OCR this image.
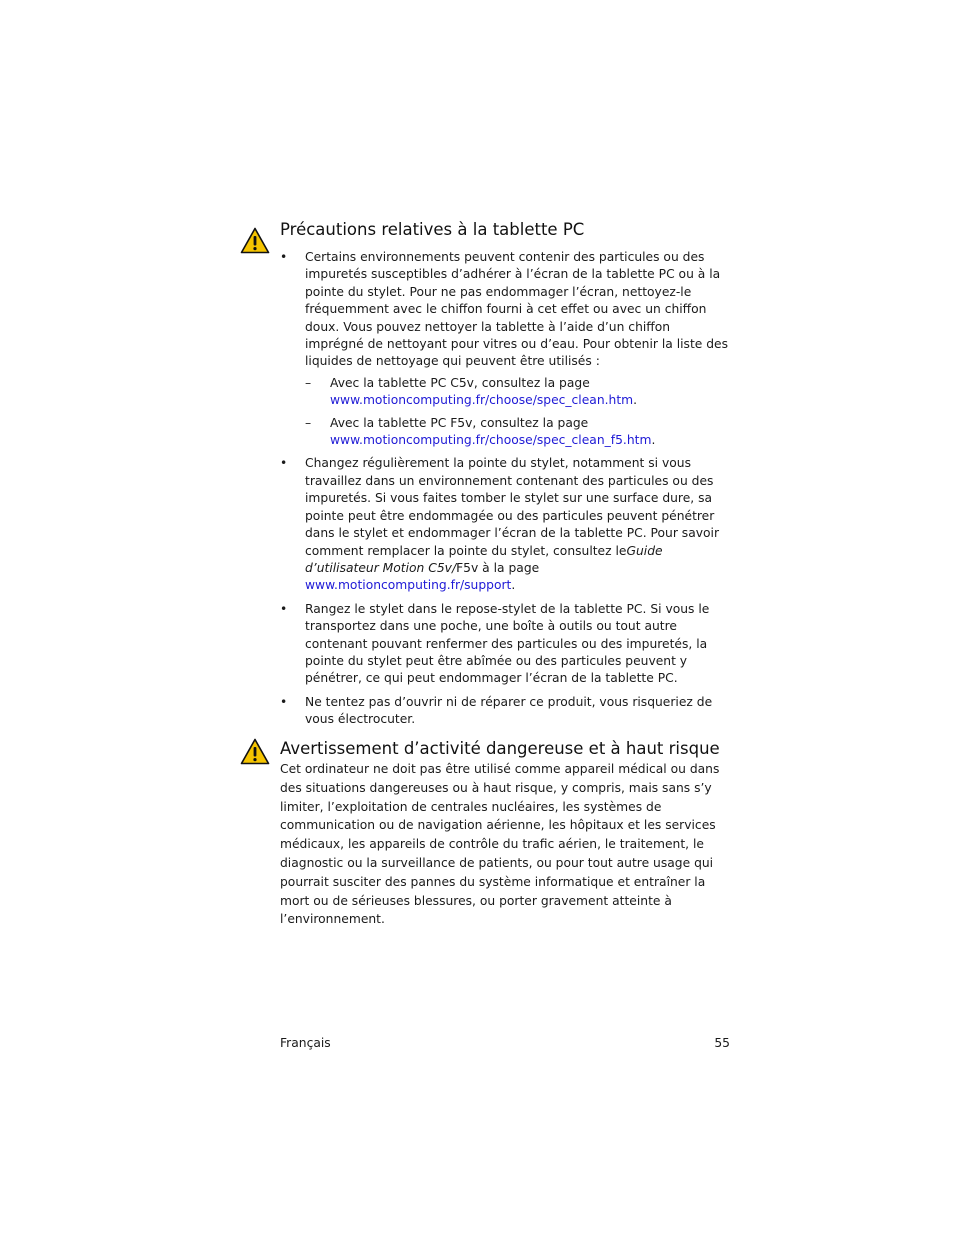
Précautions relatives à la tablette PC
• Certains environnements peuvent contenir des particules ou des impuretés susceptibles d’adhérer à l’écran de la tablette PC ou à la pointe du stylet. Pour ne pas endommager l’écran, nettoyez-le fréquemment avec le chiffon fourni à cet effet ou avec un chiffon doux. Vous pouvez nettoyer la tablette à l’aide d’un chiffon imprégné de nettoyant pour vitres ou d’eau. Pour obtenir la liste des liquides de nettoyage qui peuvent être utilisés :
– Avec la tablette PC C5v, consultez la page
www.motioncomputing.fr/choose/spec_clean.htm.
– Avec la tablette PC F5v, consultez la page www.motioncomputing.fr/choose/spec_clean_f5.htm.
• Changez régulièrement la pointe du stylet, notamment si vous travaillez dans un environnement contenant des particules ou des impuretés. Si vous faites tomber le stylet sur une surface dure, sa pointe peut être endommagée ou des particules peuvent pénétrer dans le stylet et endommager l’écran de la tablette PC. Pour savoir comment remplacer la pointe du stylet, consultez leGuide d’utilisateur Motion C5v/F5v à la page www.motioncomputing.fr/support.
• Rangez le stylet dans le repose-stylet de la tablette PC. Si vous le transportez dans une poche, une boîte à outils ou tout autre contenant pouvant renfermer des particules ou des impuretés, la pointe du stylet peut être abîmée ou des particules peuvent y pénétrer, ce qui peut endommager l’écran de la tablette PC.
• Ne tentez pas d’ouvrir ni de réparer ce produit, vous risqueriez de vous électrocuter.
Avertissement d’activité dangereuse et à haut risque

Cet ordinateur ne doit pas être utilisé comme appareil médical ou dans des situations dangereuses ou à haut risque, y compris, mais sans s’y limiter, l’exploitation de centrales nucléaires, les systèmes de communication ou de navigation aérienne, les hôpitaux et les services médicaux, les appareils de contrôle du trafic aérien, le traitement, le diagnostic ou la surveillance de patients, ou pour tout autre usage qui pourrait susciter des pannes du système informatique et entraîner la mort ou de sérieuses blessures, ou porter gravement atteinte à l’environnement.

Français	55
